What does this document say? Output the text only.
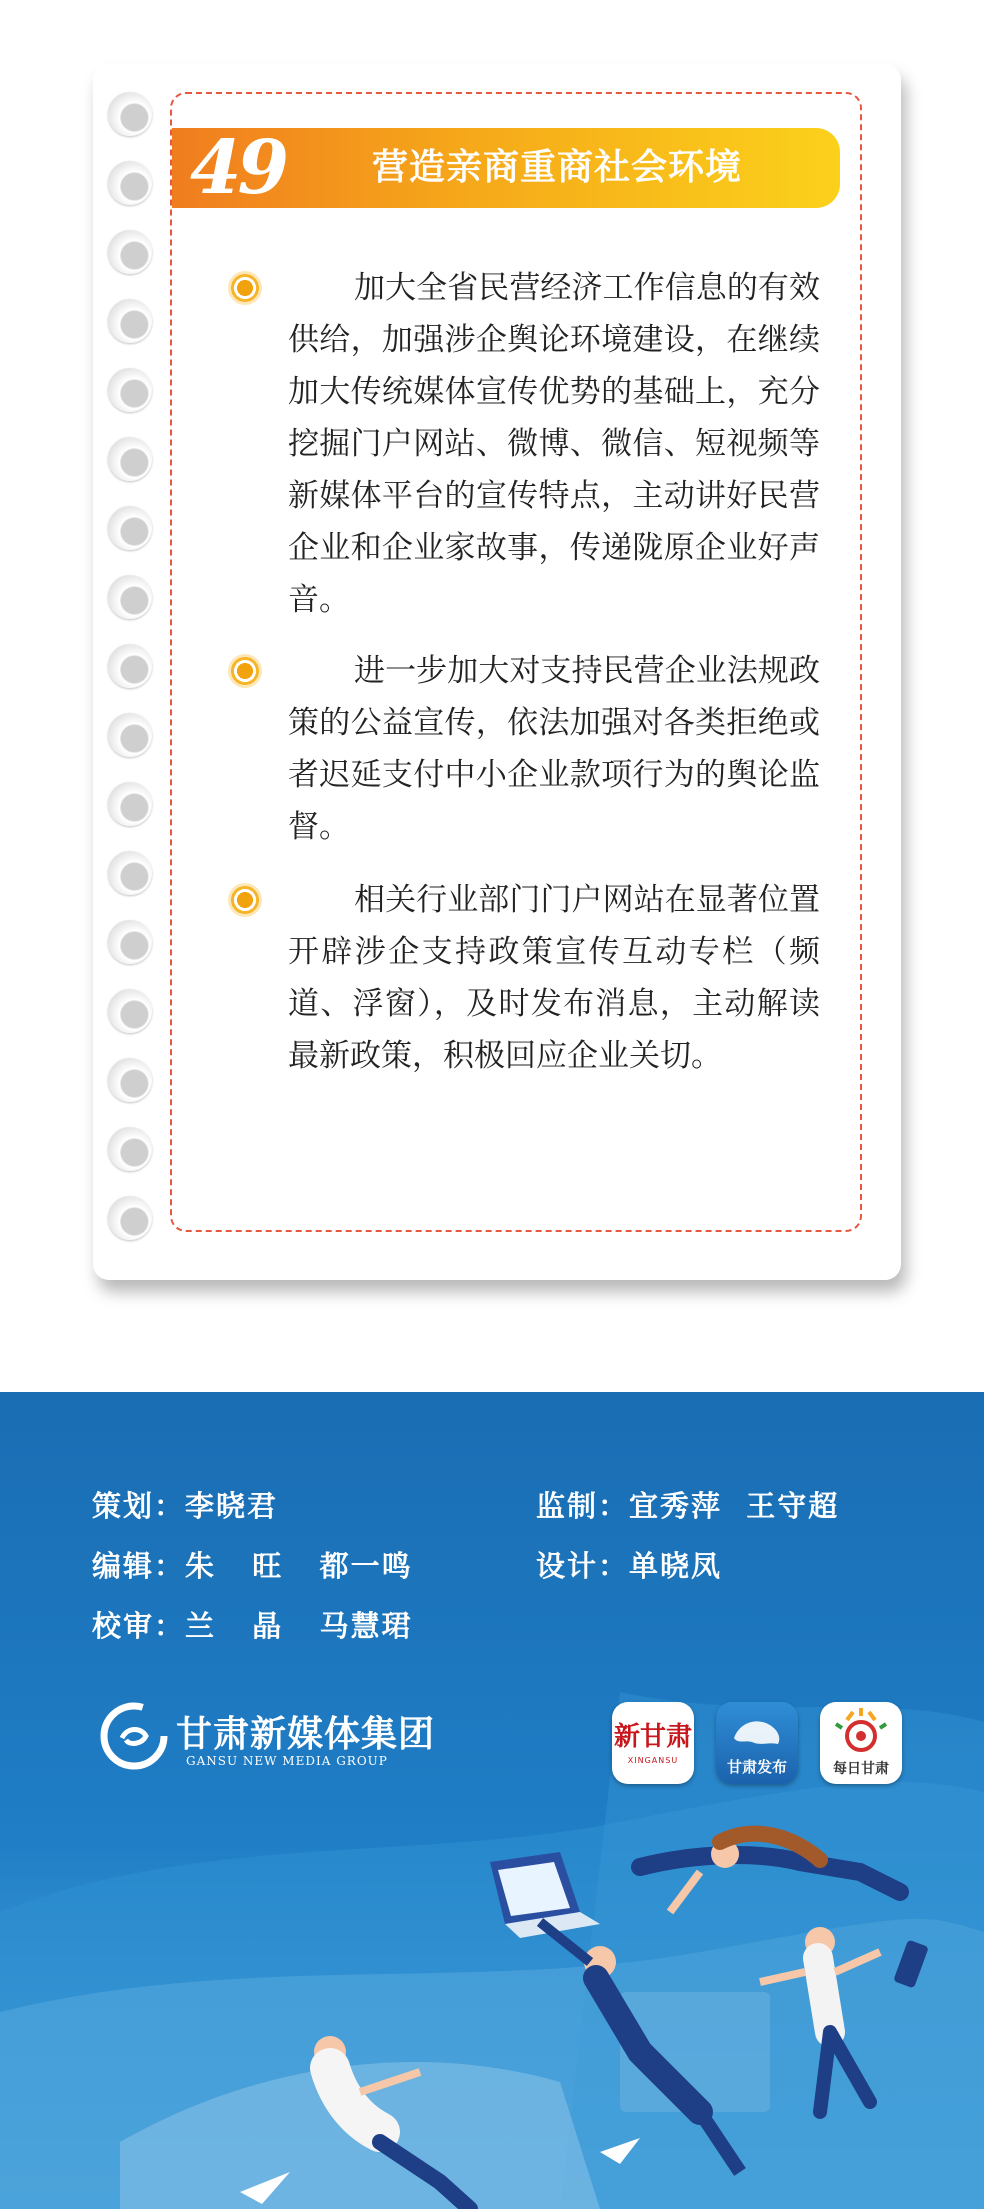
49 营造亲商重商社会环境
加大全省民营经济工作信息的有效供给，加强涉企舆论环境建设，在继续加大传统媒体宣传优势的基础上，充分挖掘门户网站、微博、微信、短视频等新媒体平台的宣传特点，主动讲好民营企业和企业家故事，传递陇原企业好声音。
进一步加大对支持民营企业法规政策的公益宣传，依法加强对各类拒绝或者迟延支付中小企业款项行为的舆论监督。
相关行业部门门户网站在显著位置开辟涉企支持政策宣传互动专栏（频道、浮窗），及时发布消息，主动解读最新政策，积极回应企业关切。
策划：李晓君	监制：宜秀萍  王守超
编辑：朱   旺   都一鸣	设计：单晓凤
校审：兰   晶   马慧珺
甘肃新媒体集团
GANSU NEW MEDIA GROUP
新甘肃
XINGANSU	甘肃发布	每日甘肃
